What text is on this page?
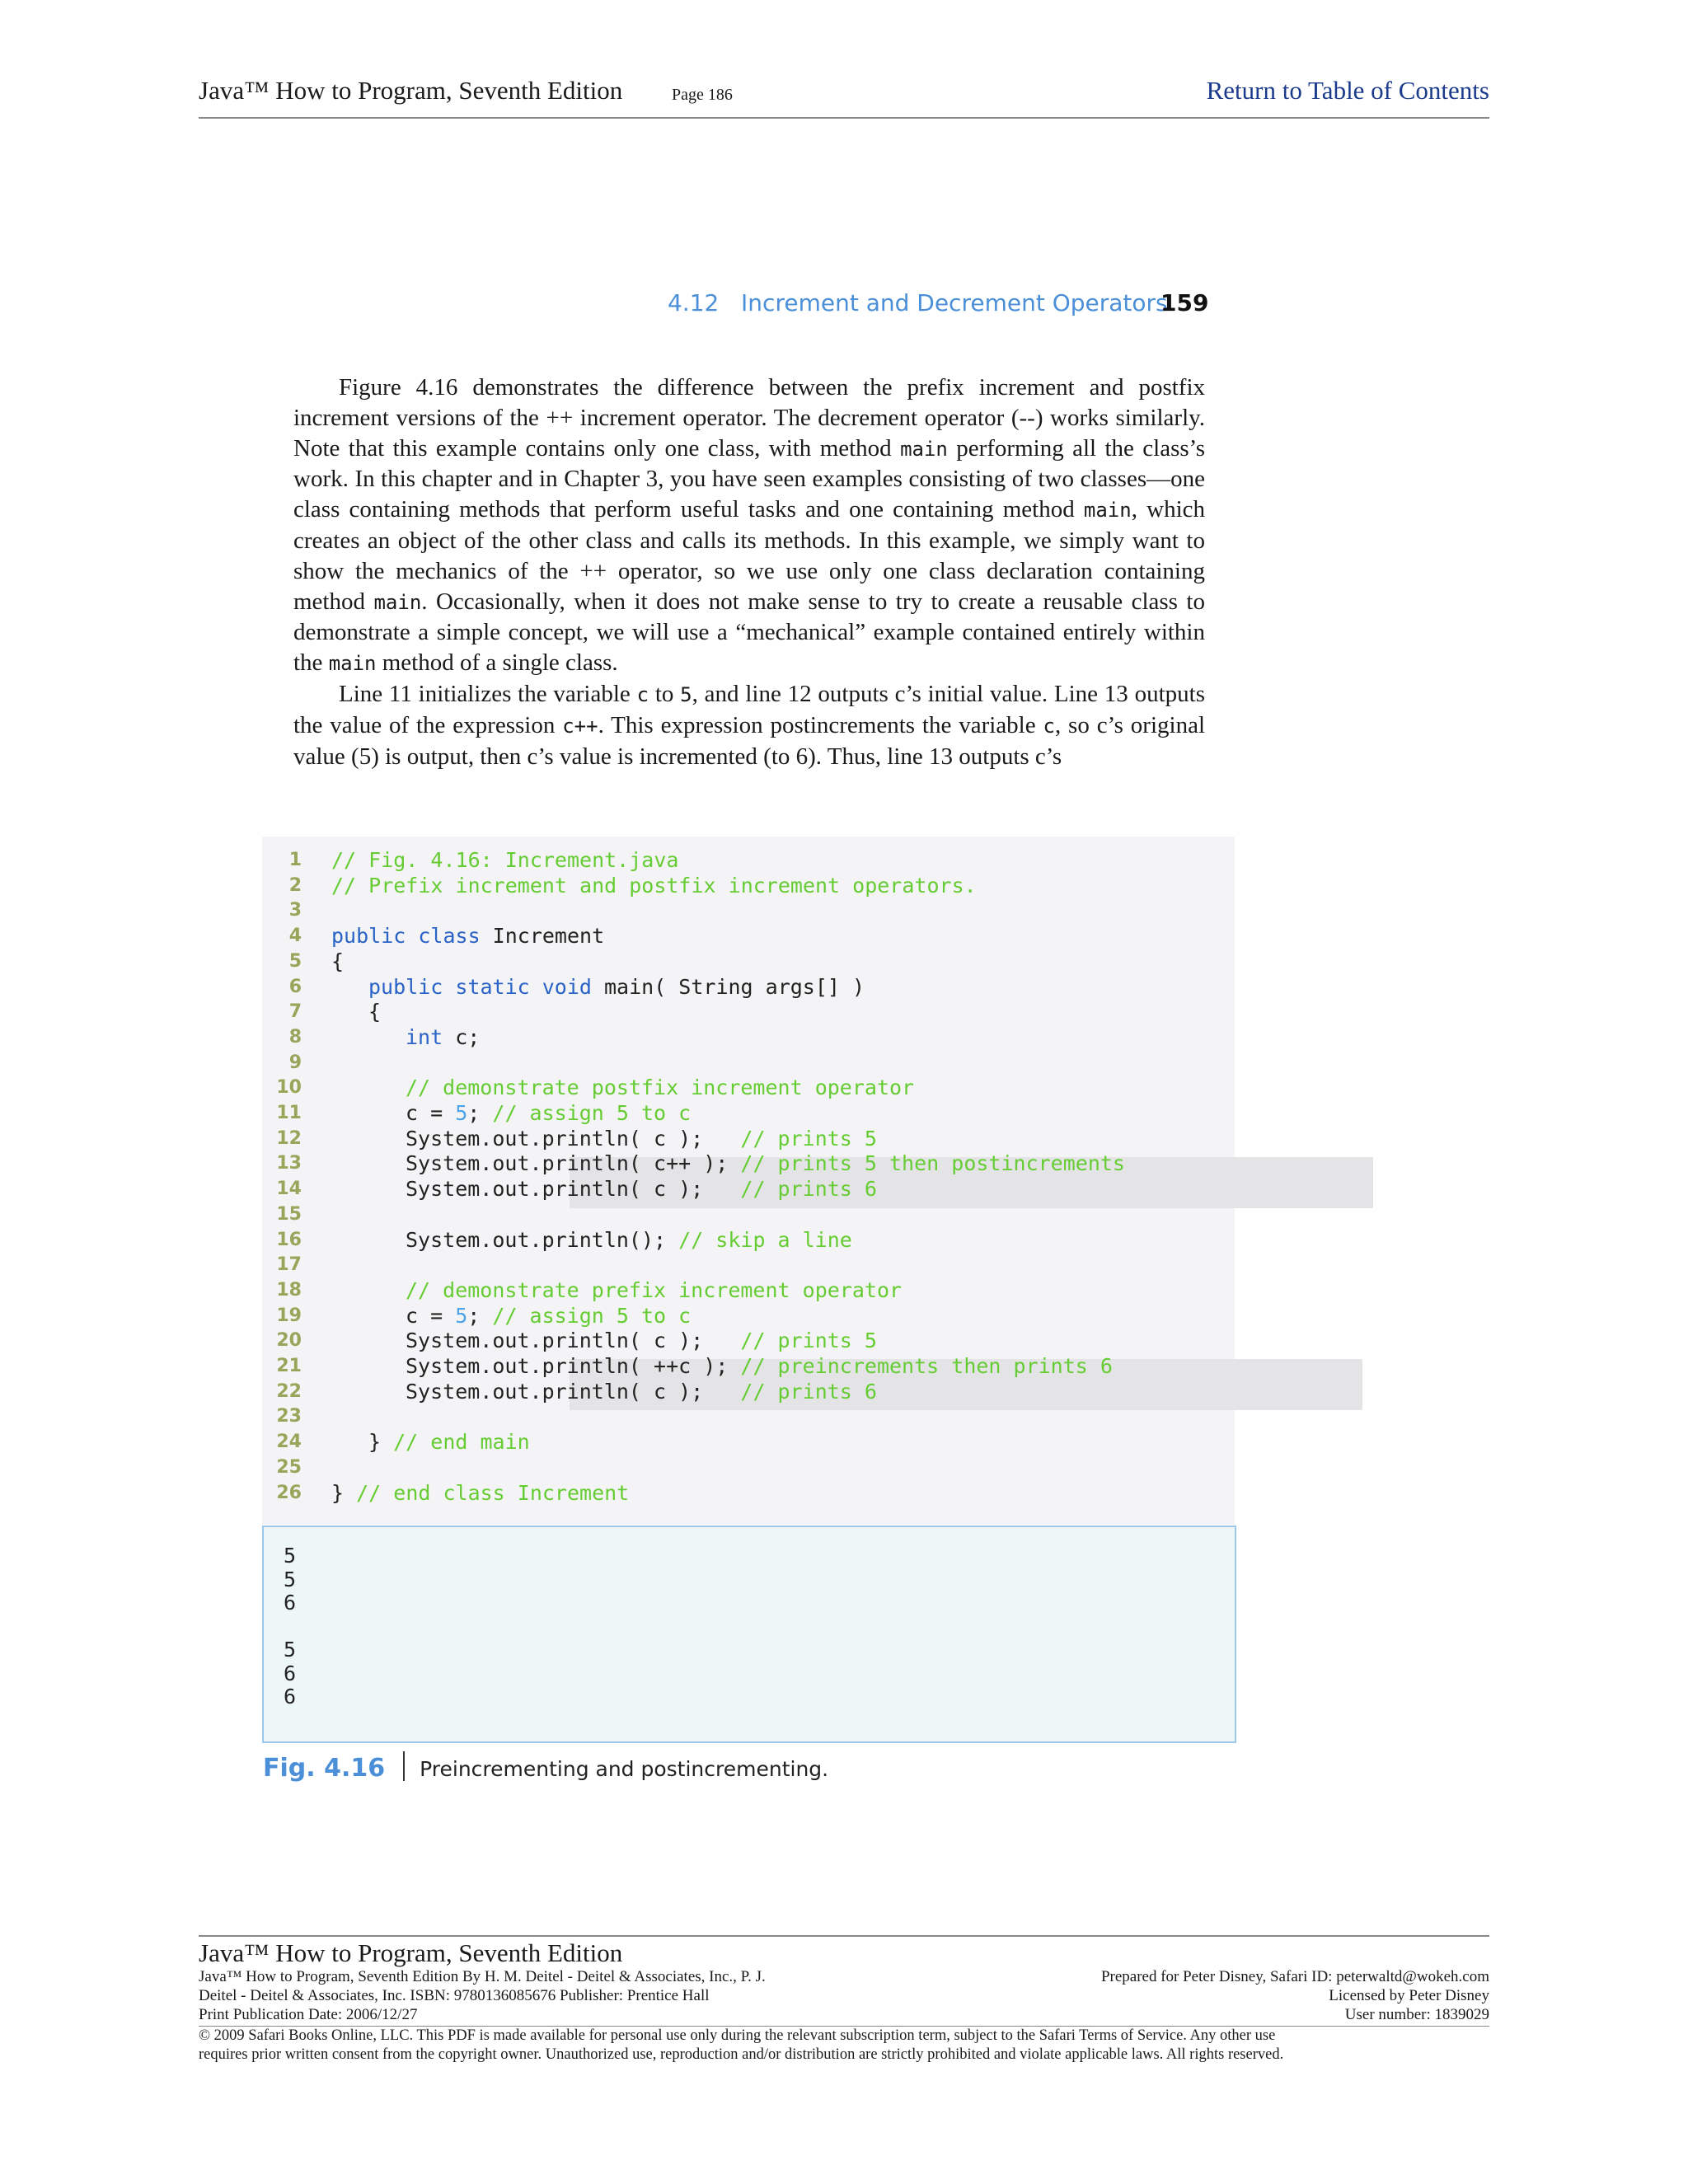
Java™ How to Program, Seventh Edition	Page 186	Return to Table of Contents
4.12   Increment and Decrement Operators
159

Figure 4.16 demonstrates the difference between the prefix increment and postfix increment versions of the ++ increment operator. The decrement operator (--) works similarly. Note that this example contains only one class, with method main performing all the class’s work. In this chapter and in Chapter 3, you have seen examples consisting of two classes—one class containing methods that perform useful tasks and one containing method main, which creates an object of the other class and calls its methods. In this example, we simply want to show the mechanics of the ++ operator, so we use only one class declaration containing method main. Occasionally, when it does not make sense to try to create a reusable class to demonstrate a simple concept, we will use a “mechanical” example contained entirely within the main method of a single class.

Line 11 initializes the variable c to 5, and line 12 outputs c’s initial value. Line 13 outputs the value of the expression c++. This expression postincrements the variable c, so c’s original value (5) is output, then c’s value is incremented (to 6). Thus, line 13 outputs c’s

1 // Fig. 4.16: Increment.java
2 // Prefix increment and postfix increment operators.
3
4 public class Increment
5 {
6	public static void main( String args[] )
7	{
8	int c;
9
10	// demonstrate postfix increment operator
11	c = 5; // assign 5 to c
12	System.out.println( c );   // prints 5
13	System.out.println( c++ ); // prints 5 then postincrements
14	System.out.println( c );   // prints 6
15
16	System.out.println(); // skip a line
17
18	// demonstrate prefix increment operator
19	c = 5; // assign 5 to c
20	System.out.println( c );   // prints 5
21	System.out.println( ++c ); // preincrements then prints 6
22	System.out.println( c );   // prints 6
23
24	} // end main
25
26 } // end class Increment
5
5
6
5
6
6
Fig. 4.16 Preincrementing and postincrementing.
Java™ How to Program, Seventh Edition
Java™ How to Program, Seventh Edition By H. M. Deitel - Deitel & Associates, Inc., P. J.
Deitel - Deitel & Associates, Inc. ISBN: 9780136085676 Publisher: Prentice Hall
Print Publication Date: 2006/12/27
Prepared for Peter Disney, Safari ID: peterwaltd@wokeh.com
Licensed by Peter Disney
User number: 1839029
© 2009 Safari Books Online, LLC. This PDF is made available for personal use only during the relevant subscription term, subject to the Safari Terms of Service. Any other use
requires prior written consent from the copyright owner. Unauthorized use, reproduction and/or distribution are strictly prohibited and violate applicable laws. All rights reserved.
